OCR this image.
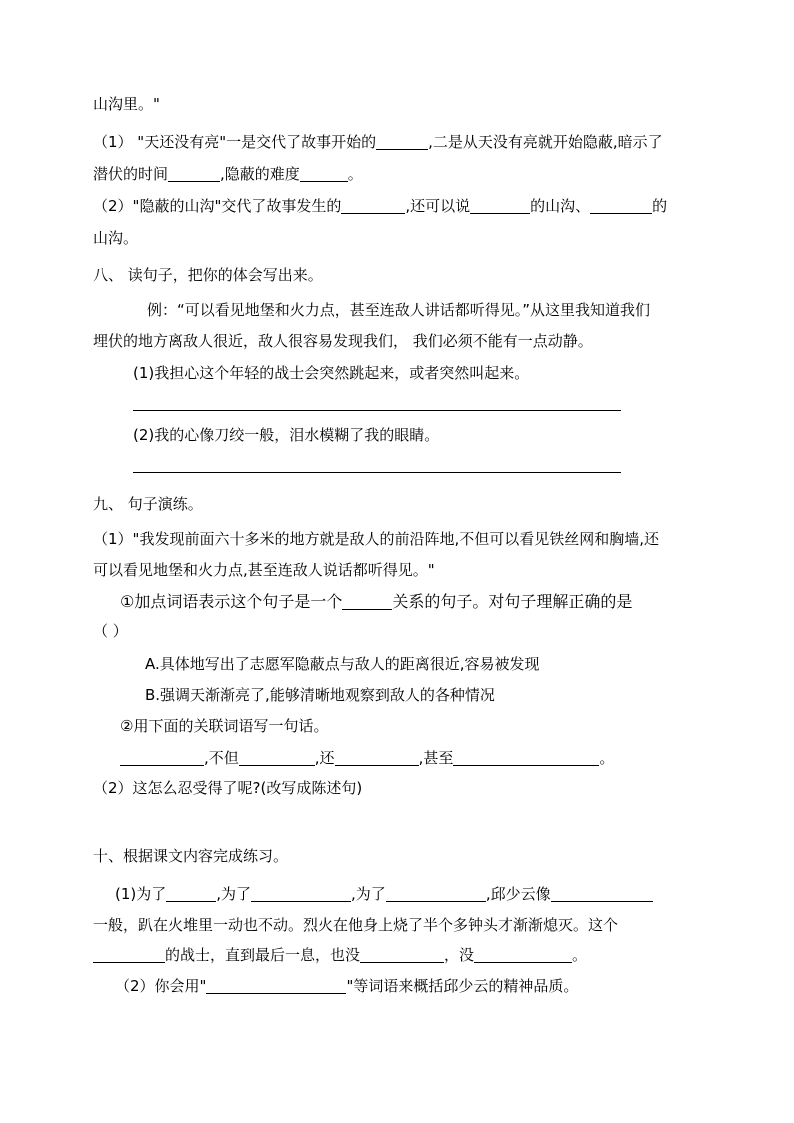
山沟里。"
（1） "天还没有亮"一是交代了故事开始的	,二是从天没有亮就开始隐蔽,暗示了
潜伏的时间	,隐蔽的难度	。
（2）"隐蔽的山沟"交代了故事发生的	,还可以说	的山沟、	的
山沟。
八、 读句子，把你的体会写出来。
例：“可以看见地堡和火力点，甚至连敌人讲话都听得见。”从这里我知道我们
埋伏的地方离敌人很近，敌人很容易发现我们， 我们必须不能有一点动静。
(1)我担心这个年轻的战士会突然跳起来，或者突然叫起来。
(2)我的心像刀绞一般，泪水模糊了我的眼睛。
九、 句子演练。
（1）"我发现前面六十多米的地方就是敌人的前沿阵地,不但可以看见铁丝网和胸墙,还
可以看见地堡和火力点,甚至连敌人说话都听得见。"
①加点词语表示这个句子是一个	关系的句子。对句子理解正确的是
（ ）
A.具体地写出了志愿军隐蔽点与敌人的距离很近,容易被发现
B.强调天渐渐亮了,能够清晰地观察到敌人的各种情况
②用下面的关联词语写一句话。
,不但	,还	,甚至	。
（2）这怎么忍受得了呢?(改写成陈述句)
十、根据课文内容完成练习。
(1)为了	,为了	,为了	,邱少云像
一般，趴在火堆里一动也不动。烈火在他身上烧了半个多钟头才渐渐熄灭。这个
的战士，直到最后一息，也没	，没	。
（2）你会用"	"等词语来概括邱少云的精神品质。
